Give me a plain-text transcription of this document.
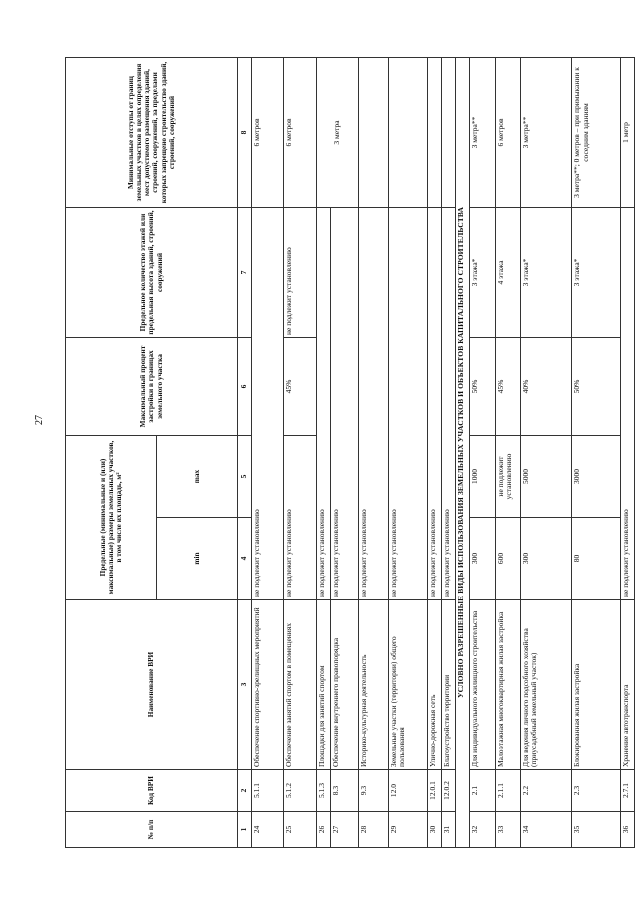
27
№ п/п	Код ВРИ	Наименование ВРИ	Предельные (минимальные и (или) максимальные) размеры земельных участков, в том числе их площадь, м²		Максимальный процент застройки в границах земельного участка	Предельное количество этажей или предельная высота зданий, строений, сооружений	Минимальные отступы от границ земельных участков в целях определения мест допустимого размещения зданий, строений, сооружений, за пределами которых запрещено строительство зданий, строений, сооружений
			min	max			
1	2	3	4	5	6	7	8
24	5.1.1	Обеспечение спортивно-зрелищных мероприятий	не подлежит установлению				6 метров
25	5.1.2	Обеспечение занятий спортом в помещениях	не подлежит установлению		45%	не подлежит установлению	6 метров
26	5.1.3	Площадки для занятий спортом	не подлежит установлению				3 метра
27	8.3	Обеспечение внутреннего правопорядка	не подлежит установлению				
28	9.3	Историко-культурная деятельность	не подлежит установлению				
29	12.0	Земельные участки (территории) общего пользования	не подлежит установлению				
30	12.0.1	Улично-дорожная сеть	не подлежит установлению				
31	12.0.2	Благоустройство территории	не подлежит установлению				
УСЛОВНО РАЗРЕШЕННЫЕ ВИДЫ ИСПОЛЬЗОВАНИЯ ЗЕМЕЛЬНЫХ УЧАСТКОВ И ОБЪЕКТОВ КАПИТАЛЬНОГО СТРОИТЕЛЬСТВА							
32	2.1	Для индивидуального жилищного строительства	300	1000	50%	3 этажа*	3 метра**
33	2.1.1	Малоэтажная многоквартирная жилая застройка	600	не подлежит установлению	45%	4 этажа	6 метров
34	2.2	Для ведения личного подсобного хозяйства (приусадебный земельный участок)	300	5000	40%	3 этажа*	3 метра**
35	2.3	Блокированная жилая застройка	80	3000	50%	3 этажа*	3 метра**; 0 метров – при примыкании к соседним зданиям
36	2.7.1	Хранение автотранспорта	не подлежит установлению				1 метр
